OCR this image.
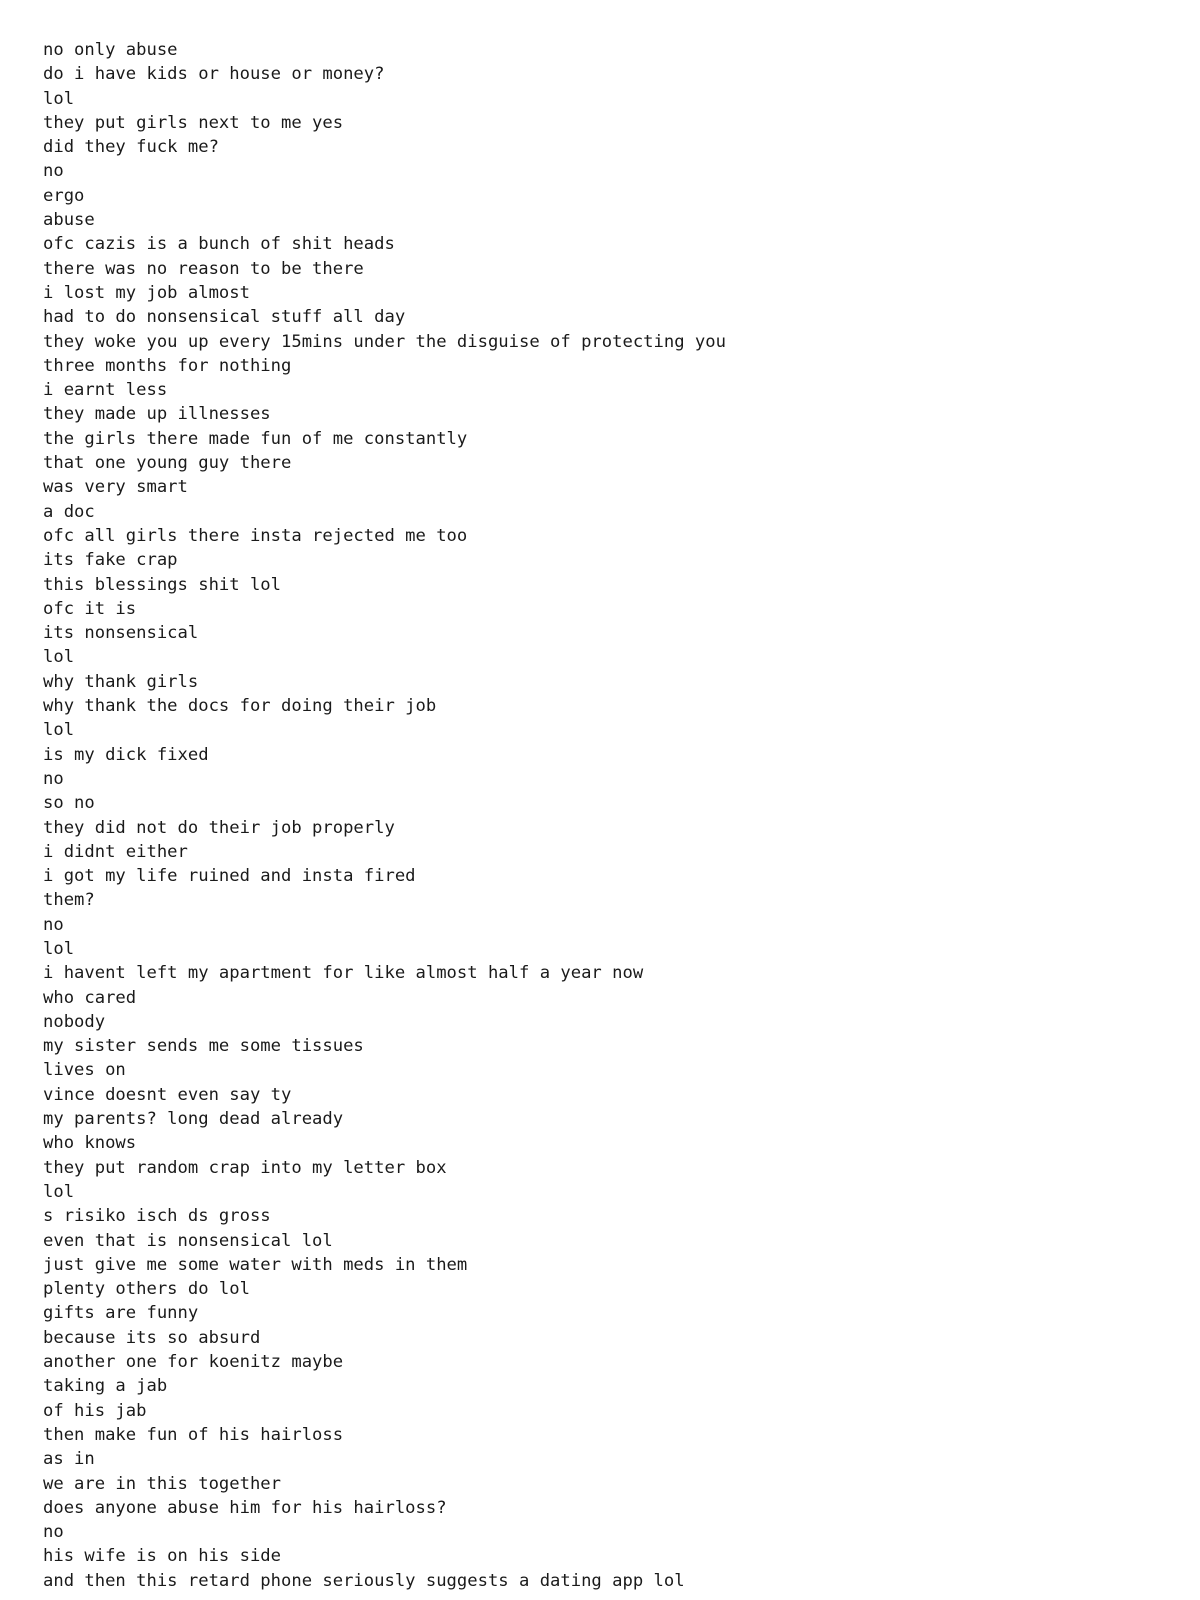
no only abuse
do i have kids or house or money?
lol
they put girls next to me yes
did they fuck me?
no
ergo
abuse
ofc cazis is a bunch of shit heads
there was no reason to be there
i lost my job almost
had to do nonsensical stuff all day
they woke you up every 15mins under the disguise of protecting you
three months for nothing
i earnt less
they made up illnesses
the girls there made fun of me constantly
that one young guy there
was very smart
a doc
ofc all girls there insta rejected me too
its fake crap
this blessings shit lol
ofc it is
its nonsensical
lol
why thank girls
why thank the docs for doing their job
lol
is my dick fixed
no
so no
they did not do their job properly
i didnt either
i got my life ruined and insta fired
them?
no
lol
i havent left my apartment for like almost half a year now
who cared
nobody
my sister sends me some tissues
lives on
vince doesnt even say ty
my parents? long dead already
who knows
they put random crap into my letter box
lol
s risiko isch ds gross
even that is nonsensical lol
just give me some water with meds in them
plenty others do lol
gifts are funny
because its so absurd
another one for koenitz maybe
taking a jab
of his jab
then make fun of his hairloss
as in
we are in this together
does anyone abuse him for his hairloss?
no
his wife is on his side
and then this retard phone seriously suggests a dating app lol
